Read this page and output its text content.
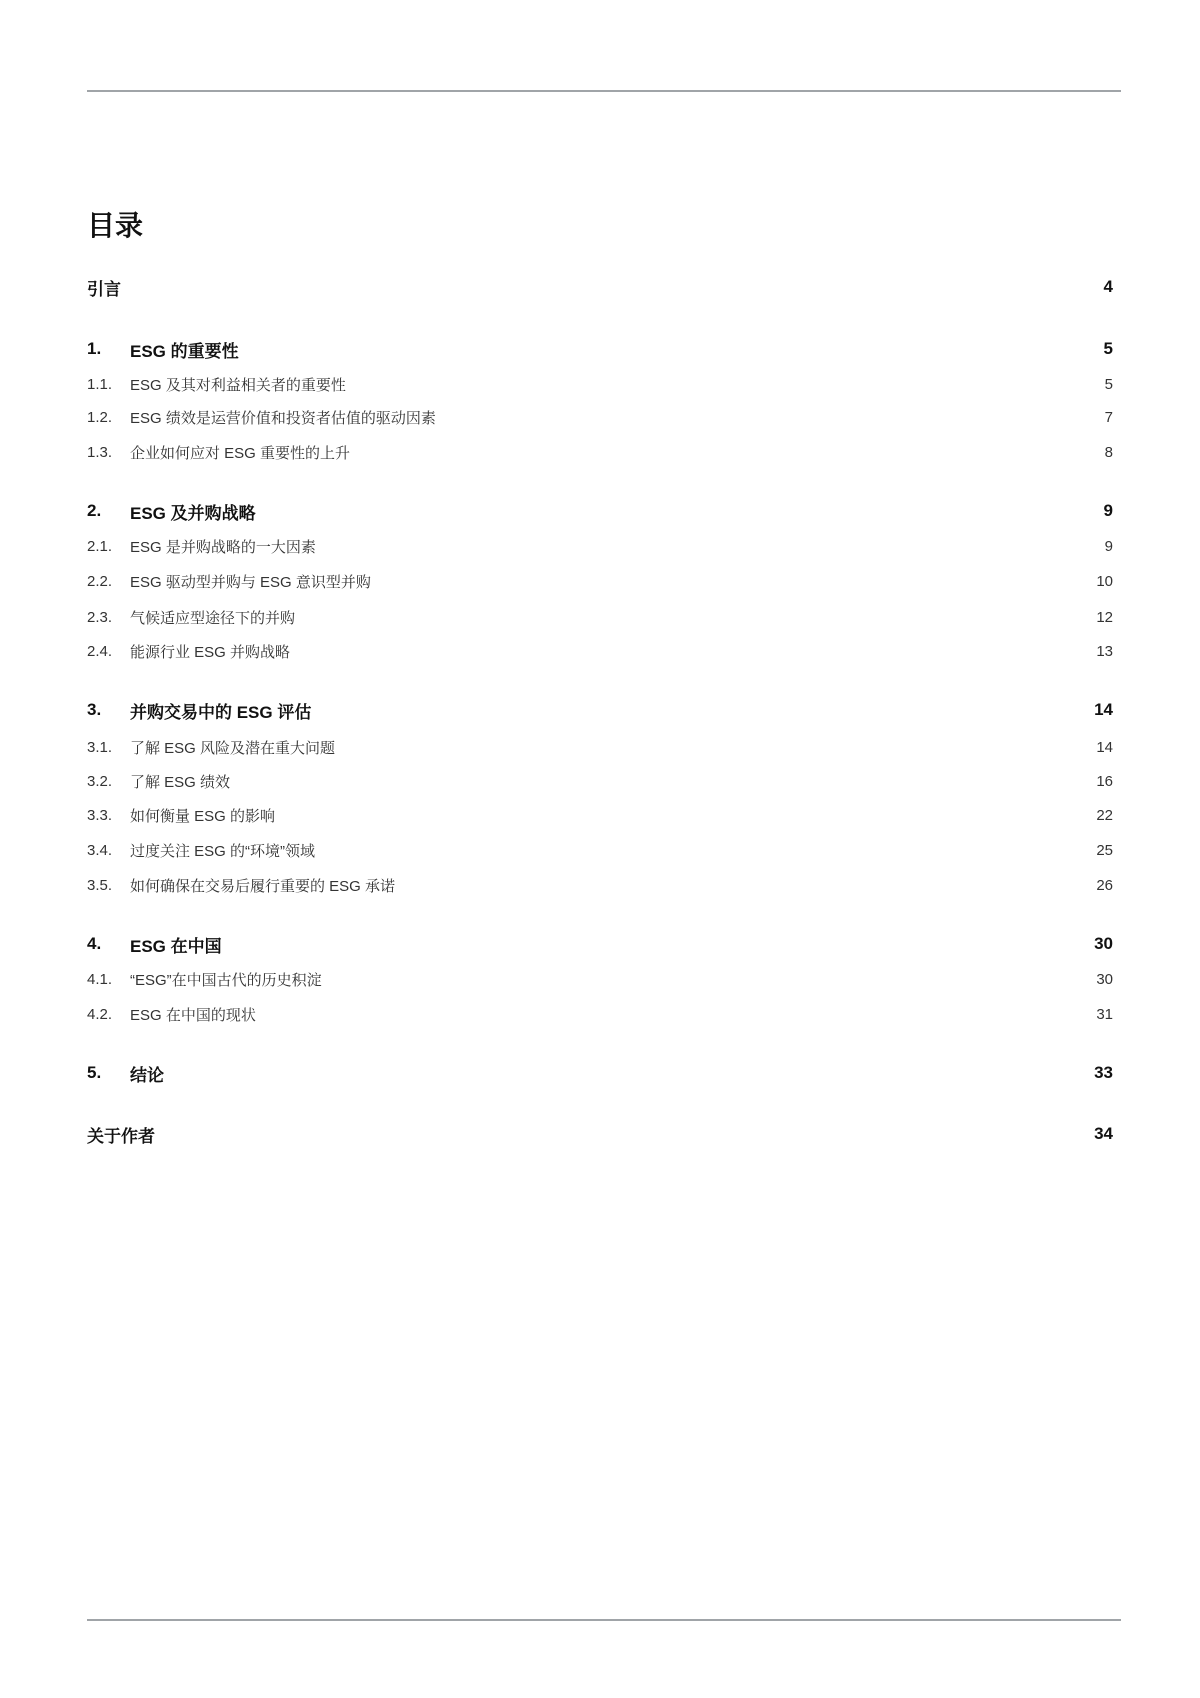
目录
引言	4
1.	ESG 的重要性	5
1.1.	ESG 及其对利益相关者的重要性	5
1.2.	ESG 绩效是运营价值和投资者估值的驱动因素	7
1.3.	企业如何应对 ESG 重要性的上升	8
2.	ESG 及并购战略	9
2.1.	ESG 是并购战略的一大因素	9
2.2.	ESG 驱动型并购与 ESG 意识型并购	10
2.3.	气候适应型途径下的并购	12
2.4.	能源行业 ESG 并购战略	13
3.	并购交易中的 ESG 评估	14
3.1.	了解 ESG 风险及潜在重大问题	14
3.2.	了解 ESG 绩效	16
3.3.	如何衡量 ESG 的影响	22
3.4.	过度关注 ESG 的“环境”领域	25
3.5.	如何确保在交易后履行重要的 ESG 承诺	26
4.	ESG 在中国	30
4.1.	“ESG”在中国古代的历史积淀	30
4.2.	ESG 在中国的现状	31
5.	结论	33
关于作者	34
